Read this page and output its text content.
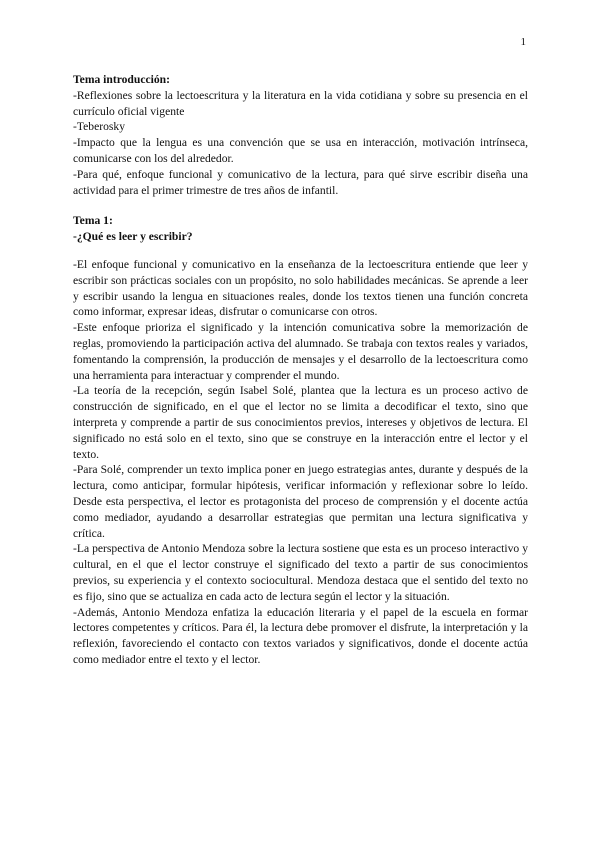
1

Tema introducción:

-Reflexiones sobre la lectoescritura y la literatura en la vida cotidiana y sobre su presencia en el currículo oficial vigente

-Teberosky

-Impacto que la lengua es una convención que se usa en interacción, motivación intrínseca, comunicarse con los del alrededor.

-Para qué, enfoque funcional y comunicativo de la lectura, para qué sirve escribir diseña una actividad para el primer trimestre de tres años de infantil.

Tema 1:

-¿Qué es leer y escribir?

-El enfoque funcional y comunicativo en la enseñanza de la lectoescritura entiende que leer y escribir son prácticas sociales con un propósito, no solo habilidades mecánicas. Se aprende a leer y escribir usando la lengua en situaciones reales, donde los textos tienen una función concreta como informar, expresar ideas, disfrutar o comunicarse con otros.

-Este enfoque prioriza el significado y la intención comunicativa sobre la memorización de reglas, promoviendo la participación activa del alumnado. Se trabaja con textos reales y variados, fomentando la comprensión, la producción de mensajes y el desarrollo de la lectoescritura como una herramienta para interactuar y comprender el mundo.

-La teoría de la recepción, según Isabel Solé, plantea que la lectura es un proceso activo de construcción de significado, en el que el lector no se limita a decodificar el texto, sino que interpreta y comprende a partir de sus conocimientos previos, intereses y objetivos de lectura. El significado no está solo en el texto, sino que se construye en la interacción entre el lector y el texto.

-Para Solé, comprender un texto implica poner en juego estrategias antes, durante y después de la lectura, como anticipar, formular hipótesis, verificar información y reflexionar sobre lo leído. Desde esta perspectiva, el lector es protagonista del proceso de comprensión y el docente actúa como mediador, ayudando a desarrollar estrategias que permitan una lectura significativa y crítica.

-La perspectiva de Antonio Mendoza sobre la lectura sostiene que esta es un proceso interactivo y cultural, en el que el lector construye el significado del texto a partir de sus conocimientos previos, su experiencia y el contexto sociocultural. Mendoza destaca que el sentido del texto no es fijo, sino que se actualiza en cada acto de lectura según el lector y la situación.

-Además, Antonio Mendoza enfatiza la educación literaria y el papel de la escuela en formar lectores competentes y críticos. Para él, la lectura debe promover el disfrute, la interpretación y la reflexión, favoreciendo el contacto con textos variados y significativos, donde el docente actúa como mediador entre el texto y el lector.
